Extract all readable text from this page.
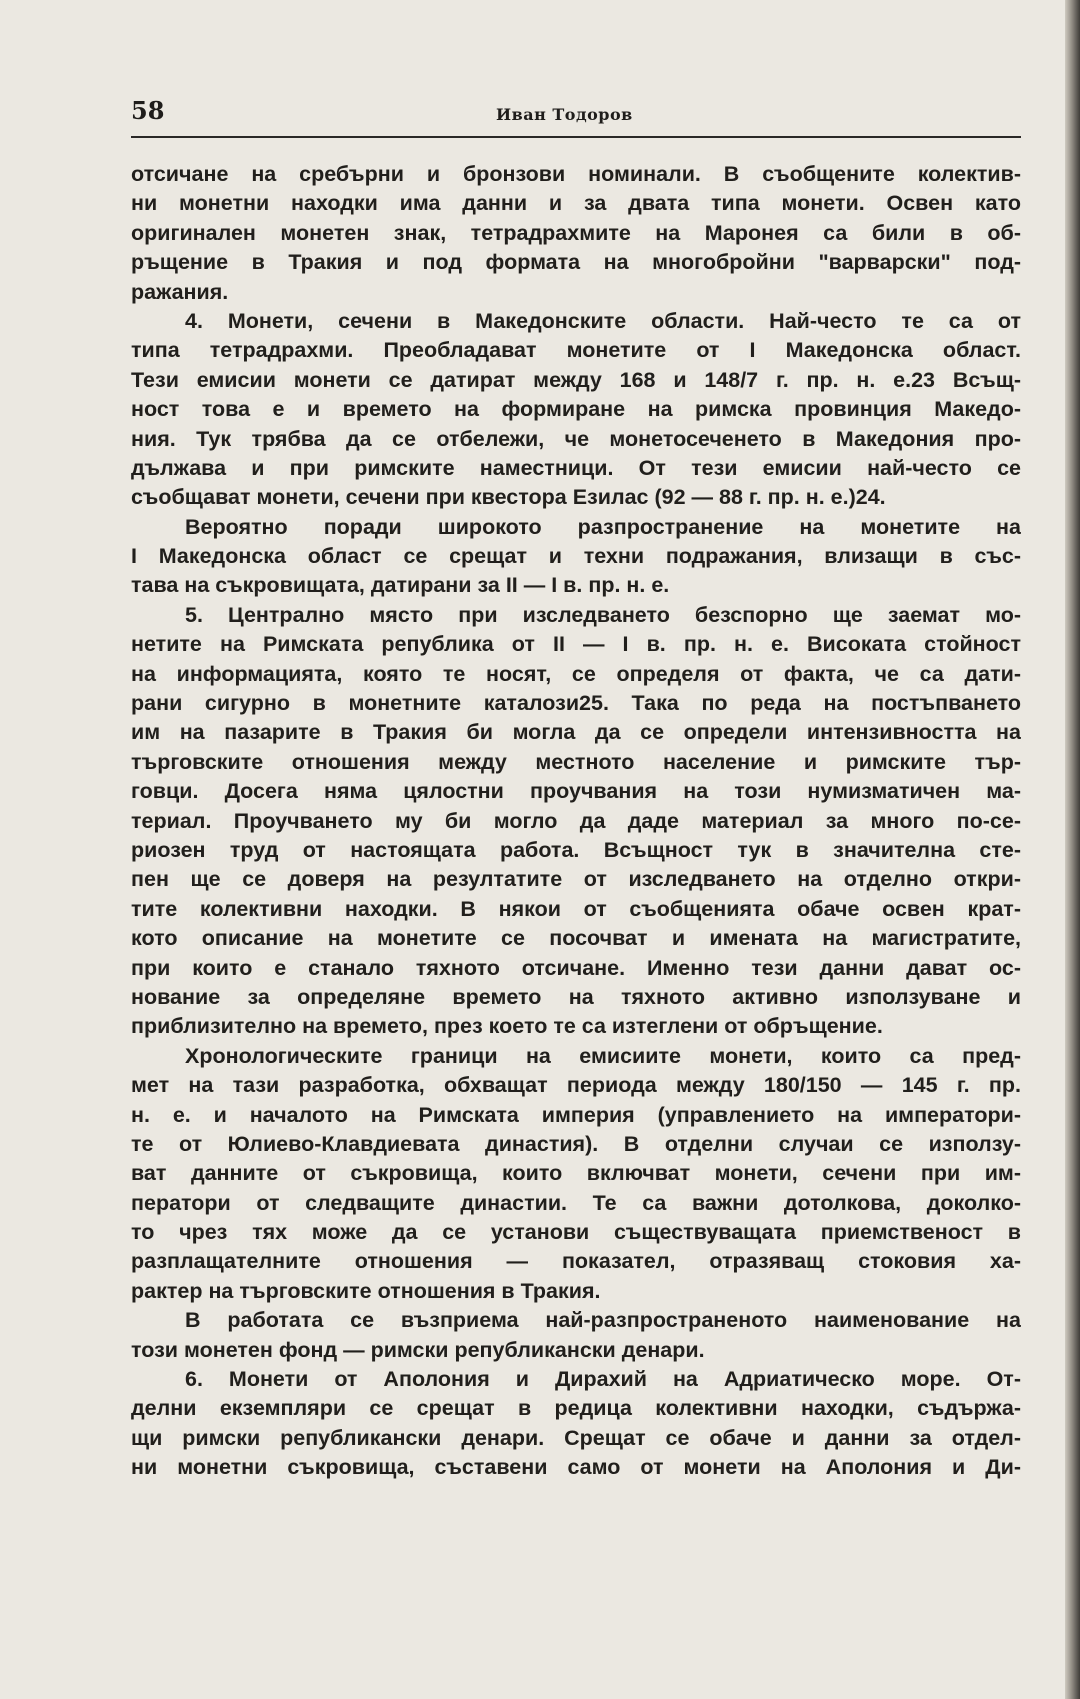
58	Иван Тодоров
отсичане на сребърни и бронзови номинали. В съобщените колектив-
ни монетни находки има данни и за двата типа монети. Освен като
оригинален монетен знак, тетрадрахмите на Маронея са били в об-
ръщение в Тракия и под формата на многобройни "варварски" под-
ражания.
4. Монети, сечени в Македонските области. Най-често те са от
типа тетрадрахми. Преобладават монетите от I Македонска област.
Тези емисии монети се датират между 168 и 148/7 г. пр. н. е.23 Всъщ-
ност това е и времето на формиране на римска провинция Македо-
ния. Тук трябва да се отбележи, че монетосеченето в Македония про-
дължава и при римските наместници. От тези емисии най-често се
съобщават монети, сечени при квестора Езилас (92 — 88 г. пр. н. е.)24.
Вероятно поради широкото разпространение на монетите на
I Македонска област се срещат и техни подражания, влизащи в със-
тава на съкровищата, датирани за II — I в. пр. н. е.
5. Централно място при изследването безспорно ще заемат мо-
нетите на Римската република от II — I в. пр. н. е. Високата стойност
на информацията, която те носят, се определя от факта, че са дати-
рани сигурно в монетните каталози25. Така по реда на постъпването
им на пазарите в Тракия би могла да се определи интензивността на
търговските отношения между местното население и римските тър-
говци. Досега няма цялостни проучвания на този нумизматичен ма-
териал. Проучването му би могло да даде материал за много по-се-
риозен труд от настоящата работа. Всъщност тук в значителна сте-
пен ще се доверя на резултатите от изследването на отделно откри-
тите колективни находки. В някои от съобщенията обаче освен крат-
кото описание на монетите се посочват и имената на магистратите,
при които е станало тяхното отсичане. Именно тези данни дават ос-
нование за определяне времето на тяхното активно използуване и
приблизително на времето, през което те са изтеглени от обръщение.
Хронологическите граници на емисиите монети, които са пред-
мет на тази разработка, обхващат периода между 180/150 — 145 г. пр.
н. е. и началото на Римската империя (управлението на императори-
те от Юлиево-Клавдиевата династия). В отделни случаи се използу-
ват данните от съкровища, които включват монети, сечени при им-
ператори от следващите династии. Те са важни дотолкова, доколко-
то чрез тях може да се установи съществуващата приемственост в
разплащателните отношения — показател, отразяващ стоковия ха-
рактер на търговските отношения в Тракия.
В работата се възприема най-разпространеното наименование на
този монетен фонд — римски републикански денари.
6. Монети от Аполония и Дирахий на Адриатическо море. От-
делни екземпляри се срещат в редица колективни находки, съдържа-
щи римски републикански денари. Срещат се обаче и данни за отдел-
ни монетни съкровища, съставени само от монети на Аполония и Ди-
